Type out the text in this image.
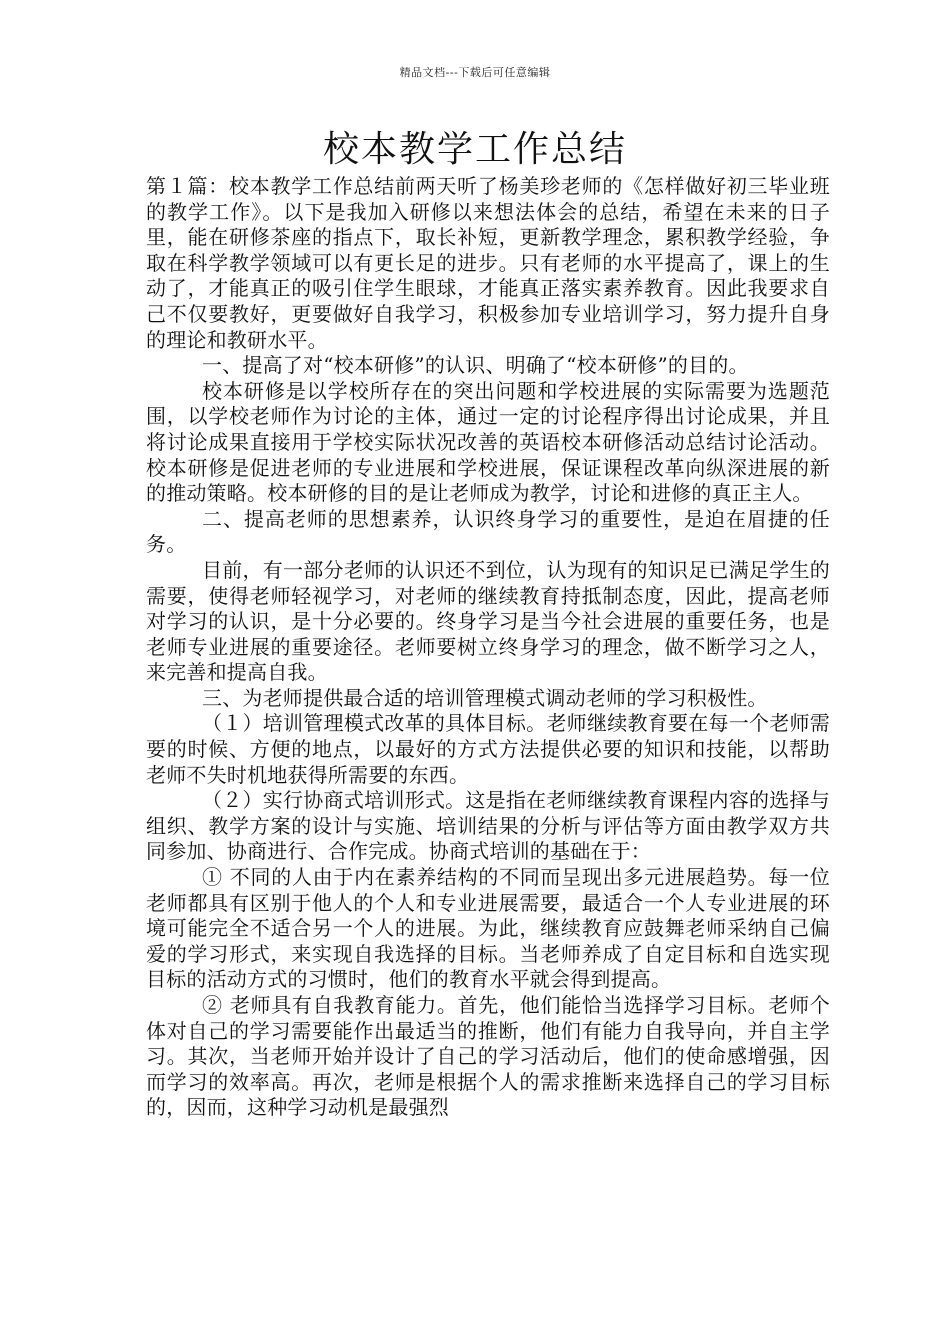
精品文档---下载后可任意编辑
校本教学工作总结

第１篇：校本教学工作总结前两天听了杨美珍老师的《怎样做好初三毕业班的教学工作》。以下是我加入研修以来想法体会的总结，希望在未来的日子里，能在研修茶座的指点下，取长补短，更新教学理念，累积教学经验，争取在科学教学领域可以有更长足的进步。只有老师的水平提高了，课上的生动了，才能真正的吸引住学生眼球，才能真正落实素养教育。因此我要求自己不仅要教好，更要做好自我学习，积极参加专业培训学习，努力提升自身的理论和教研水平。

一、提高了对“校本研修”的认识、明确了“校本研修”的目的。

校本研修是以学校所存在的突出问题和学校进展的实际需要为选题范围，以学校老师作为讨论的主体，通过一定的讨论程序得出讨论成果，并且将讨论成果直接用于学校实际状况改善的英语校本研修活动总结讨论活动。校本研修是促进老师的专业进展和学校进展，保证课程改革向纵深进展的新的推动策略。校本研修的目的是让老师成为教学，讨论和进修的真正主人。

二、提高老师的思想素养，认识终身学习的重要性，是迫在眉捷的任务。

目前，有一部分老师的认识还不到位，认为现有的知识足已满足学生的需要，使得老师轻视学习，对老师的继续教育持抵制态度，因此，提高老师对学习的认识，是十分必要的。终身学习是当今社会进展的重要任务，也是老师专业进展的重要途径。老师要树立终身学习的理念，做不断学习之人，来完善和提高自我。

三、为老师提供最合适的培训管理模式调动老师的学习积极性。

（１）培训管理模式改革的具体目标。老师继续教育要在每一个老师需要的时候、方便的地点，以最好的方式方法提供必要的知识和技能，以帮助老师不失时机地获得所需要的东西。

（２）实行协商式培训形式。这是指在老师继续教育课程内容的选择与组织、教学方案的设计与实施、培训结果的分析与评估等方面由教学双方共同参加、协商进行、合作完成。协商式培训的基础在于：

① 不同的人由于内在素养结构的不同而呈现出多元进展趋势。每一位老师都具有区别于他人的个人和专业进展需要，最适合一个人专业进展的环境可能完全不适合另一个人的进展。为此，继续教育应鼓舞老师采纳自己偏爱的学习形式，来实现自我选择的目标。当老师养成了自定目标和自选实现目标的活动方式的习惯时，他们的教育水平就会得到提高。

② 老师具有自我教育能力。首先，他们能恰当选择学习目标。老师个体对自己的学习需要能作出最适当的推断，他们有能力自我导向，并自主学习。其次，当老师开始并设计了自己的学习活动后，他们的使命感增强，因而学习的效率高。再次，老师是根据个人的需求推断来选择自己的学习目标的，因而，这种学习动机是最强烈
